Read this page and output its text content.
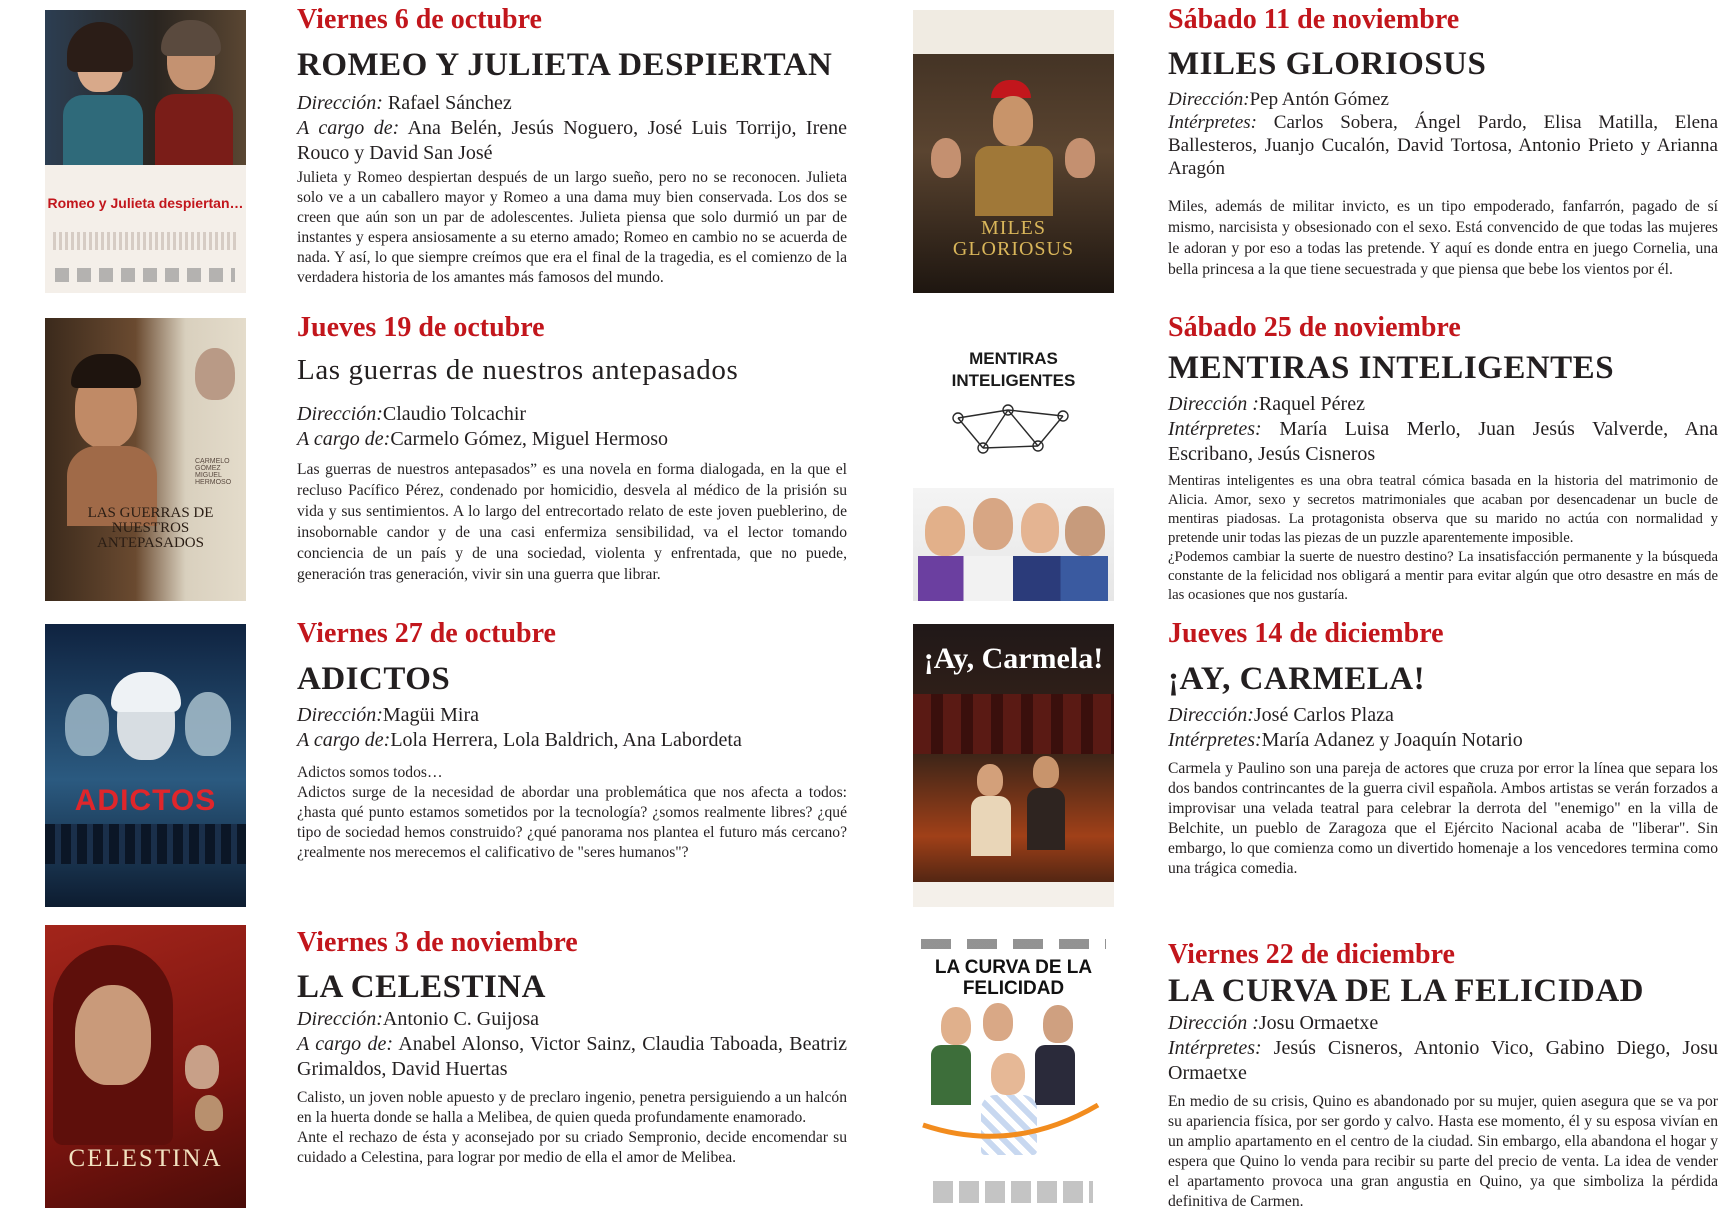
Romeo y Julieta despiertan…
Viernes 6 de octubre
ROMEO Y JULIETA DESPIERTAN
Dirección: Rafael Sánchez
A cargo de: Ana Belén, Jesús Noguero, José Luis Torrijo, Irene Rouco y David San José

Julieta y Romeo despiertan después de un largo sueño, pero no se reconocen. Julieta solo ve a un caballero mayor y Romeo a una dama muy bien conservada. Los dos se creen que aún son un par de adolescentes. Julieta piensa que solo durmió un par de instantes y espera ansiosamente a su eterno amado; Romeo en cambio no se acuerda de nada. Y así, lo que siempre creímos que era el final de la tragedia, es el comienzo de la verdadera historia de los amantes más famosos del mundo.

CARMELO GÓMEZ
MIGUEL HERMOSO
LAS GUERRAS DE NUESTROS ANTEPASADOS
Jueves 19 de octubre
Las guerras de nuestros antepasados
Dirección:Claudio Tolcachir
A cargo de:Carmelo Gómez, Miguel Hermoso

Las guerras de nuestros antepasados” es una novela en forma dialogada, en la que el recluso Pacífico Pérez, condenado por homicidio, desvela al médico de la prisión su vida y sus sentimientos. A lo largo del entrecortado relato de este joven pueblerino, de insobornable candor y de una casi enfermiza sensibilidad, va el lector tomando conciencia de un país y de una sociedad, violenta y enfrentada, que no puede, generación tras generación, vivir sin una guerra que librar.

ADICTOS
Viernes 27 de octubre
ADICTOS
Dirección:Magüi Mira
A cargo de:Lola Herrera, Lola Baldrich, Ana Labordeta

Adictos somos todos…

Adictos surge de la necesidad de abordar una problemática que nos afecta a todos: ¿hasta qué punto estamos sometidos por la tecnología? ¿somos realmente libres? ¿qué tipo de sociedad hemos construido? ¿qué panorama nos plantea el futuro más cercano? ¿realmente nos merecemos el calificativo de "seres humanos"?

CELESTINA
Viernes 3 de noviembre
LA CELESTINA
Dirección:Antonio C. Guijosa
A cargo de: Anabel Alonso, Victor Sainz, Claudia Taboada, Beatriz Grimaldos, David Huertas

Calisto, un joven noble apuesto y de preclaro ingenio, penetra persiguiendo a un halcón en la huerta donde se halla a Melibea, de quien queda profundamente enamorado.

Ante el rechazo de ésta y aconsejado por su criado Sempronio, decide encomendar su cuidado a Celestina, para lograr por medio de ella el amor de Melibea.

MILES GLORIOSUS
Sábado 11 de noviembre
MILES GLORIOSUS
Dirección:Pep Antón Gómez
Intérpretes: Carlos Sobera, Ángel Pardo, Elisa Matilla, Elena Ballesteros, Juanjo Cucalón, David Tortosa, Antonio Prieto y Arianna Aragón

Miles, además de militar invicto, es un tipo empoderado, fanfarrón, pagado de sí mismo, narcisista y obsesionado con el sexo. Está convencido de que todas las mujeres le adoran y por eso a todas las pretende. Y aquí es donde entra en juego Cornelia, una bella princesa a la que tiene secuestrada y que piensa que bebe los vientos por él.

MENTIRAS INTELIGENTES
Sábado 25 de noviembre
MENTIRAS INTELIGENTES
Dirección :Raquel Pérez
Intérpretes: María Luisa Merlo, Juan Jesús Valverde, Ana Escribano, Jesús Cisneros

Mentiras inteligentes es una obra teatral cómica basada en la historia del matrimonio de Alicia. Amor, sexo y secretos matrimoniales que acaban por desencadenar un bucle de mentiras piadosas. La protagonista observa que su marido no actúa con normalidad y pretende unir todas las piezas de un puzzle aparentemente imposible.

¿Podemos cambiar la suerte de nuestro destino? La insatisfacción permanente y la búsqueda constante de la felicidad nos obligará a mentir para evitar algún que otro desastre en más de las ocasiones que nos gustaría.

¡Ay, Carmela!
Jueves 14 de diciembre
¡AY, CARMELA!
Dirección:José Carlos Plaza
Intérpretes:María Adanez y Joaquín Notario

Carmela y Paulino son una pareja de actores que cruza por error la línea que separa los dos bandos contrincantes de la guerra civil española. Ambos artistas se verán forzados a improvisar una velada teatral para celebrar la derrota del "enemigo" en la villa de Belchite, un pueblo de Zaragoza que el Ejército Nacional acaba de "liberar". Sin embargo, lo que comienza como un divertido homenaje a los vencedores termina como una trágica comedia.

LA CURVA DE LA FELICIDAD
Viernes 22 de diciembre
LA CURVA DE LA FELICIDAD
Dirección :Josu Ormaetxe
Intérpretes: Jesús Cisneros, Antonio Vico, Gabino Diego, Josu Ormaetxe

En medio de su crisis, Quino es abandonado por su mujer, quien asegura que se va por su apariencia física, por ser gordo y calvo. Hasta ese momento, él y su esposa vivían en un amplio apartamento en el centro de la ciudad. Sin embargo, ella abandona el hogar y espera que Quino lo venda para recibir su parte del precio de venta. La idea de vender el apartamento provoca una gran angustia en Quino, ya que simboliza la pérdida definitiva de Carmen.
